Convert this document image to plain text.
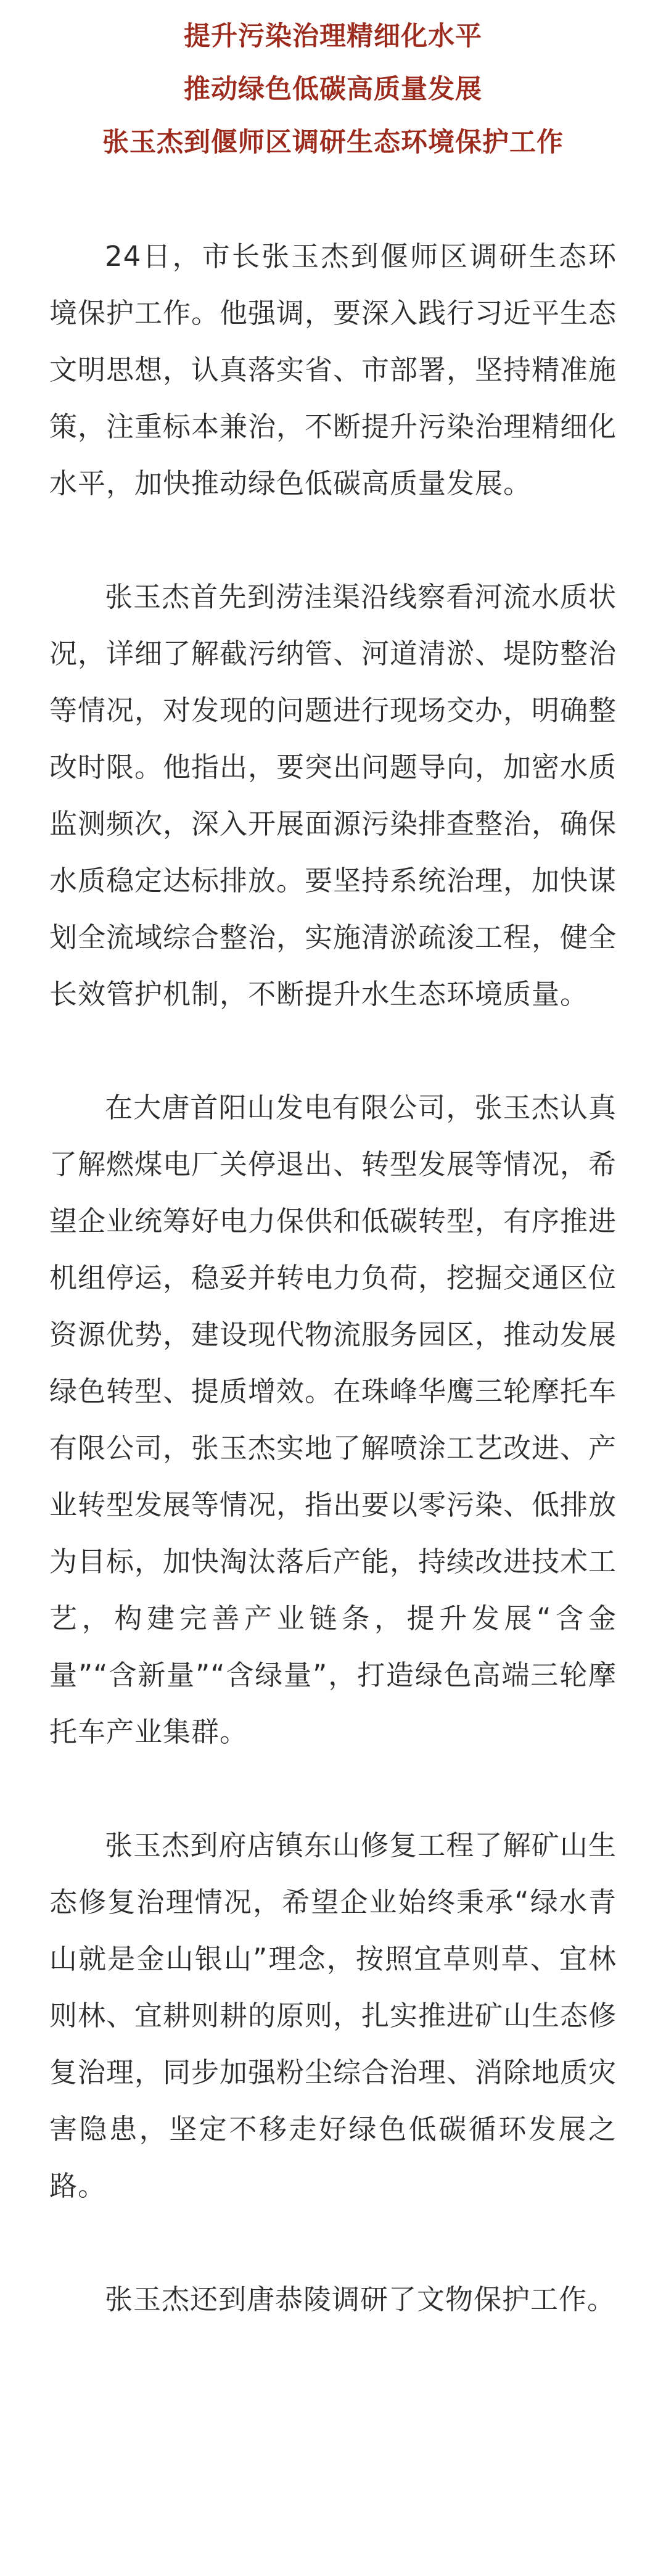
提升污染治理精细化水平
推动绿色低碳高质量发展
张玉杰到偃师区调研生态环境保护工作

24日，市长张玉杰到偃师区调研生态环境保护工作。他强调，要深入践行习近平生态文明思想，认真落实省、市部署，坚持精准施策，注重标本兼治，不断提升污染治理精细化水平，加快推动绿色低碳高质量发展。

张玉杰首先到涝洼渠沿线察看河流水质状况，详细了解截污纳管、河道清淤、堤防整治等情况，对发现的问题进行现场交办，明确整改时限。他指出，要突出问题导向，加密水质监测频次，深入开展面源污染排查整治，确保水质稳定达标排放。要坚持系统治理，加快谋划全流域综合整治，实施清淤疏浚工程，健全长效管护机制，不断提升水生态环境质量。

在大唐首阳山发电有限公司，张玉杰认真了解燃煤电厂关停退出、转型发展等情况，希望企业统筹好电力保供和低碳转型，有序推进机组停运，稳妥并转电力负荷，挖掘交通区位资源优势，建设现代物流服务园区，推动发展绿色转型、提质增效。在珠峰华鹰三轮摩托车有限公司，张玉杰实地了解喷涂工艺改进、产业转型发展等情况，指出要以零污染、低排放为目标，加快淘汰落后产能，持续改进技术工艺，构建完善产业链条，提升发展“含金量”“含新量”“含绿量”，打造绿色高端三轮摩托车产业集群。

张玉杰到府店镇东山修复工程了解矿山生态修复治理情况，希望企业始终秉承“绿水青山就是金山银山”理念，按照宜草则草、宜林则林、宜耕则耕的原则，扎实推进矿山生态修复治理，同步加强粉尘综合治理、消除地质灾害隐患，坚定不移走好绿色低碳循环发展之路。

张玉杰还到唐恭陵调研了文物保护工作。
